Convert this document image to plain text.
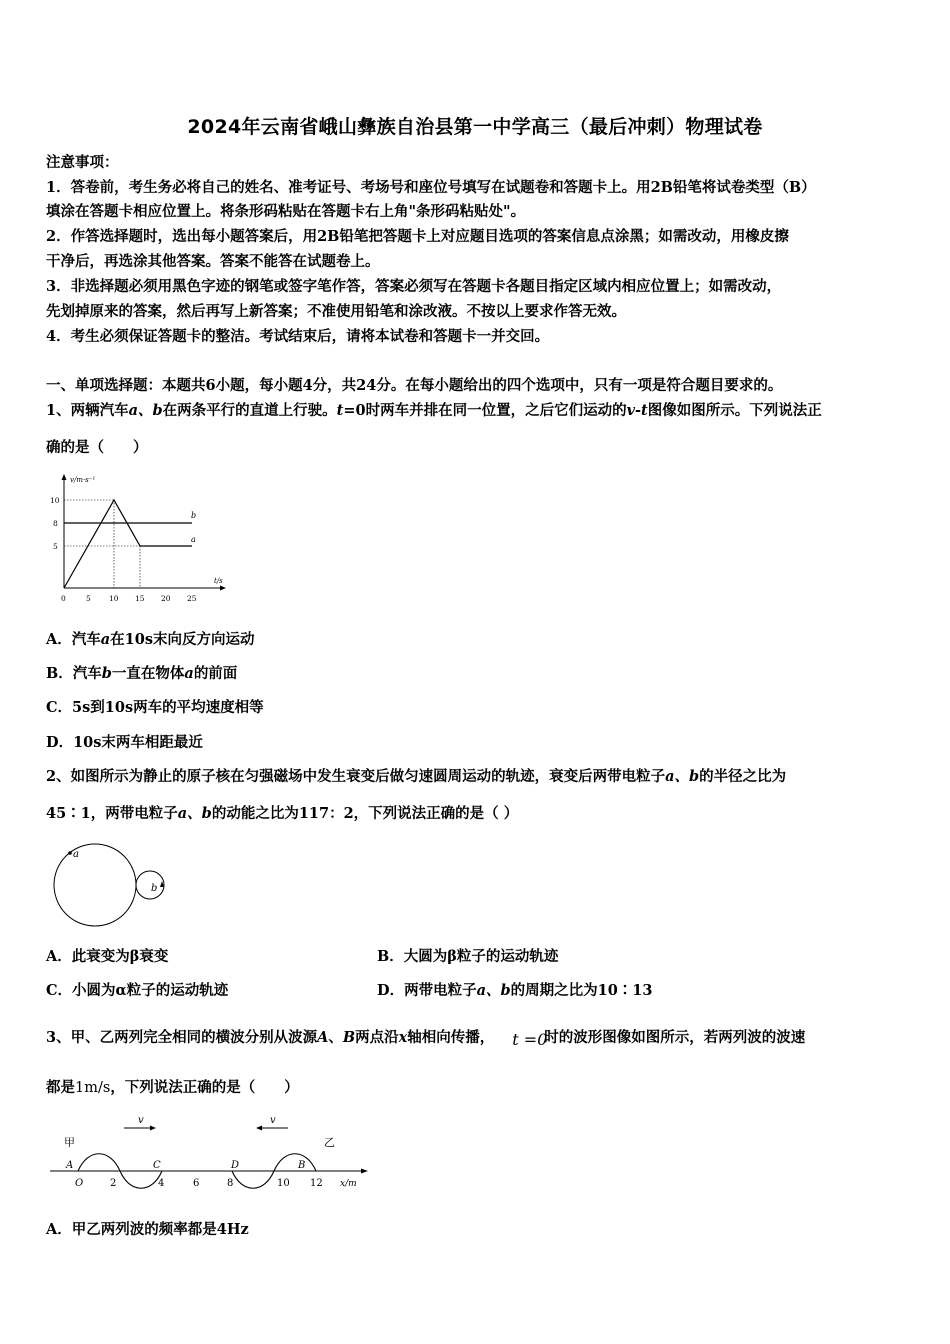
2024年云南省峨山彝族自治县第一中学高三（最后冲刺）物理试卷
注意事项：
1．答卷前，考生务必将自己的姓名、准考证号、考场号和座位号填写在试题卷和答题卡上。用2B铅笔将试卷类型（B）
填涂在答题卡相应位置上。将条形码粘贴在答题卡右上角"条形码粘贴处"。
2．作答选择题时，选出每小题答案后，用2B铅笔把答题卡上对应题目选项的答案信息点涂黑；如需改动，用橡皮擦
干净后，再选涂其他答案。答案不能答在试题卷上。
3．非选择题必须用黑色字迹的钢笔或签字笔作答，答案必须写在答题卡各题目指定区域内相应位置上；如需改动，
先划掉原来的答案，然后再写上新答案；不准使用铅笔和涂改液。不按以上要求作答无效。
4．考生必须保证答题卡的整洁。考试结束后，请将本试卷和答题卡一并交回。
一、单项选择题：本题共6小题，每小题4分，共24分。在每小题给出的四个选项中，只有一项是符合题目要求的。
1、两辆汽车a、b在两条平行的直道上行驶。t=0时两车并排在同一位置，之后它们运动的v-t图像如图所示。下列说法正
确的是（　　）
v/m·s⁻¹
t/s
b
a
10
8
5
0	5 10 15 20 25
A．汽车a在10s末向反方向运动
B．汽车b一直在物体a的前面
C．5s到10s两车的平均速度相等
D．10s末两车相距最近
2、如图所示为静止的原子核在匀强磁场中发生衰变后做匀速圆周运动的轨迹，衰变后两带电粒子a、b的半径之比为
45∶1，两带电粒子a、b的动能之比为117：2，下列说法正确的是（ ）
a
b
A．此衰变为β衰变	B．大圆为β粒子的运动轨迹
C．小圆为α粒子的运动轨迹	D．两带电粒子a、b的周期之比为10∶13
3、甲、乙两列完全相同的横波分别从波源A、B两点沿x轴相向传播， t =0
时的波形图像如图所示，若两列波的波速
都是1m/s，下列说法正确的是（　　）
甲	乙
v	v
A	C	D	B
O	2	4	6	8	10 12 x/m
A．甲乙两列波的频率都是4Hz
